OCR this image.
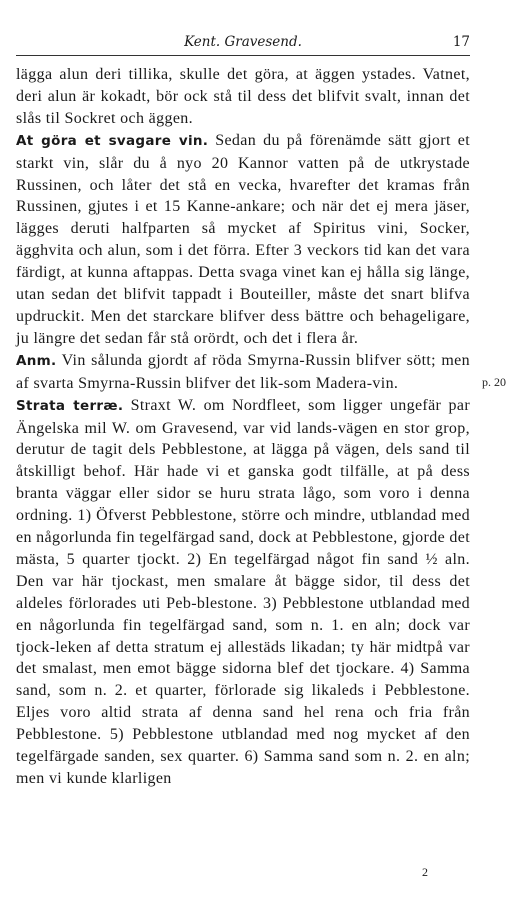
Kent. Gravesend.	17

lägga alun deri tillika, skulle det göra, at äggen ystades. Vatnet, deri alun är kokadt, bör ock stå til dess det blifvit svalt, innan det slås til Sockret och äggen.

At göra et svagare vin. Sedan du på förenämde sätt gjort et starkt vin, slår du å nyo 20 Kannor vatten på de utkrystade Russinen, och låter det stå en vecka, hvarefter det kramas från Russinen, gjutes i et 15 Kanne-ankare; och när det ej mera jäser, lägges deruti halfparten så mycket af Spiritus vini, Socker, ägghvita och alun, som i det förra. Efter 3 veckors tid kan det vara färdigt, at kunna aftappas. Detta svaga vinet kan ej hålla sig länge, utan sedan det blifvit tappadt i Bouteiller, måste det snart blifva updruckit. Men det starckare blifver dess bättre och behageligare, ju längre det sedan får stå orördt, och det i flera år.

Anm. Vin sålunda gjordt af röda Smyrna-Russin blifver sött; men af svarta Smyrna-Russin blifver det lik-som Madera-vin.

Strata terræ. Straxt W. om Nordfleet, som ligger ungefär par Ängelska mil W. om Gravesend, var vid lands-vägen en stor grop, derutur de tagit dels Pebblestone, at lägga på vägen, dels sand til åtskilligt behof. Här hade vi et ganska godt tilfälle, at på dess branta väggar eller sidor se huru strata lågo, som voro i denna ordning. 1) Öfverst Pebblestone, större och mindre, utblandad med en någorlunda fin tegelfärgad sand, dock at Pebblestone, gjorde det mästa, 5 quarter tjockt. 2) En tegelfärgad något fin sand ½ aln. Den var här tjockast, men smalare åt bägge sidor, til dess det aldeles förlorades uti Peb-blestone. 3) Pebblestone utblandad med en någorlunda fin tegelfärgad sand, som n. 1. en aln; dock var tjock-leken af detta stratum ej allestäds likadan; ty här midtpå var det smalast, men emot bägge sidorna blef det tjockare. 4) Samma sand, som n. 2. et quarter, förlorade sig likaleds i Pebblestone. Eljes voro altid strata af denna sand hel rena och fria från Pebblestone. 5) Pebblestone utblandad med nog mycket af den tegelfärgade sanden, sex quarter. 6) Samma sand som n. 2. en aln; men vi kunde klarligen

p. 20
2
